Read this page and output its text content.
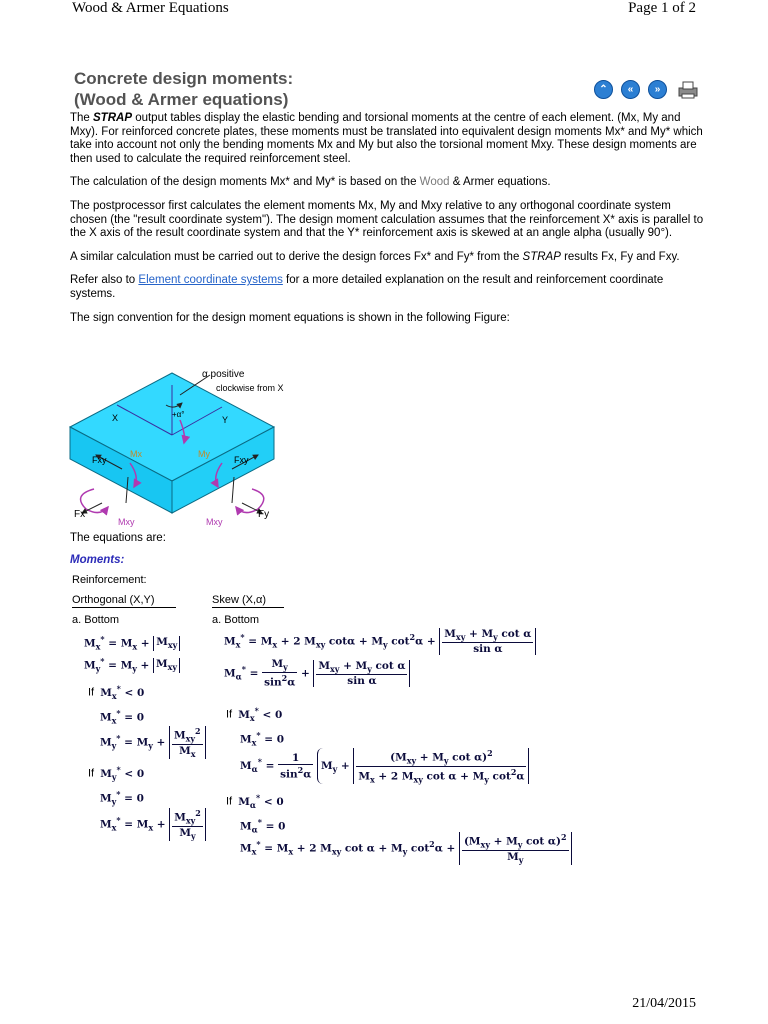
Wood & Armer Equations	Page 1 of 2
Concrete design moments:
(Wood & Armer equations)
⌃	«	»

The STRAP output tables display the elastic bending and torsional moments at the centre of each element. (Mx, My and Mxy). For reinforced concrete plates, these moments must be translated into equivalent design moments Mx* and My* which take into account not only the bending moments Mx and My but also the torsional moment Mxy. These design moments are then used to calculate the required reinforcement steel.

The calculation of the design moments Mx* and My* is based on the Wood & Armer equations.

The postprocessor first calculates the element moments Mx, My and Mxy relative to any orthogonal coordinate system chosen (the "result coordinate system"). The design moment calculation assumes that the reinforcement X* axis is parallel to the X axis of the result coordinate system and that the Y* reinforcement axis is skewed at an angle alpha (usually 90°).

A similar calculation must be carried out to derive the design forces Fx* and Fy* from the STRAP results Fx, Fy and Fxy.

Refer also to Element coordinate systems for a more detailed explanation on the result and reinforcement coordinate systems.

The sign convention for the design moment equations is shown in the following Figure:

α positive
clockwise from X
X	Y
+α°
Mx	My
Fxy	Fxy
Fx	Fy
Mxy	Mxy
The equations are:
Moments:
Reinforcement:
Orthogonal (X,Y)	Skew (X,α)
a. Bottom	a. Bottom
$M_x^* = M_x + M_{xy}$
$M_y^* = M_y + M_{xy}$
If $M_x^* < 0$
$M_x^* = 0$
$M_y^* = M_y + \frac{M_{xy}^2}{M_x}$
If $M_y^* < 0$
$M_y^* = 0$
$M_x^* = M_x + \frac{M_{xy}^2}{M_y}$
$M_x^* = M_x + 2$ $M_{xy}$ $\cot\alpha + M_y$ $\cot^2\alpha + \frac{M_{xy} + M_y \cot \alpha}{\text{sin α}}$
$M_\alpha^* = \frac{M_y}{\sin^2\alpha} + \frac{M_{xy} + M_y \cot \alpha}{\text{sin α}}$
If $M_x^* < 0$
$M_x^* = 0$
$M_\alpha^* = \frac{1}{\sin^2\alpha} M_y + \frac{(M_{xy} + M_y \cot \alpha)^2}{M_x + 2 M_{xy} \cot \alpha + M_y \cot^2\alpha}$
If $M_\alpha^* < 0$
$M_\alpha^* = 0$
$M_x^* = M_x + 2$ $M_{xy}$ $\cot \alpha + M_y$ $\cot^2\alpha + \frac{(M_{xy} + M_y \cot \alpha)^2}{M_y}$
21/04/2015
